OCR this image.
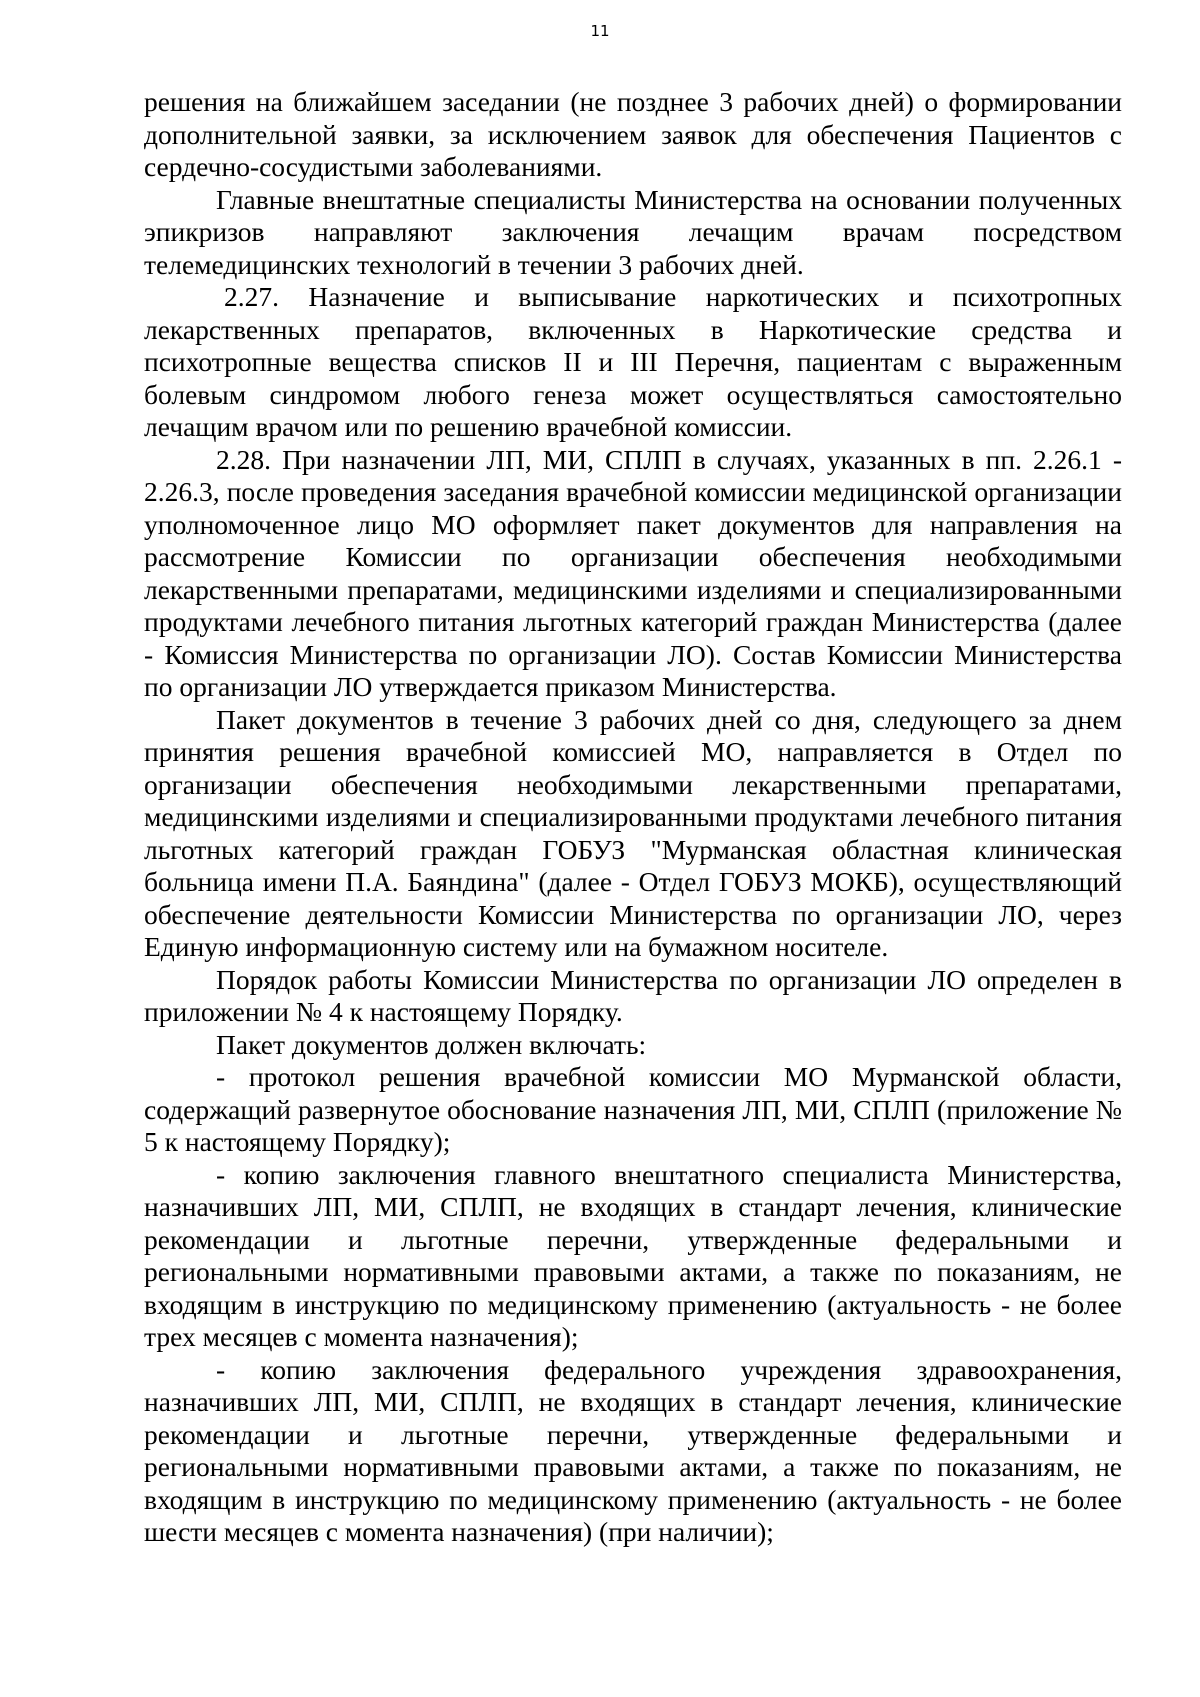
11

решения на ближайшем заседании (не позднее 3 рабочих дней) о формировании дополнительной заявки, за исключением заявок для обеспечения Пациентов с сердечно-сосудистыми заболеваниями.

Главные внештатные специалисты Министерства на основании полученных эпикризов направляют заключения лечащим врачам посредством телемедицинских технологий в течении 3 рабочих дней.

2.27. Назначение и выписывание наркотических и психотропных лекарственных препаратов, включенных в Наркотические средства и психотропные вещества списков II и III Перечня, пациентам с выраженным болевым синдромом любого генеза может осуществляться самостоятельно лечащим врачом или по решению врачебной комиссии.

2.28. При назначении ЛП, МИ, СПЛП в случаях, указанных в пп. 2.26.1 - 2.26.3, после проведения заседания врачебной комиссии медицинской организации уполномоченное лицо МО оформляет пакет документов для направления на рассмотрение Комиссии по организации обеспечения необходимыми лекарственными препаратами, медицинскими изделиями и специализированными продуктами лечебного питания льготных категорий граждан Министерства (далее - Комиссия Министерства по организации ЛО). Состав Комиссии Министерства по организации ЛО утверждается приказом Министерства.

Пакет документов в течение 3 рабочих дней со дня, следующего за днем принятия решения врачебной комиссией МО, направляется в Отдел по организации обеспечения необходимыми лекарственными препаратами, медицинскими изделиями и специализированными продуктами лечебного питания льготных категорий граждан ГОБУЗ "Мурманская областная клиническая больница имени П.А. Баяндина" (далее - Отдел ГОБУЗ МОКБ), осуществляющий обеспечение деятельности Комиссии Министерства по организации ЛО, через Единую информационную систему или на бумажном носителе.

Порядок работы Комиссии Министерства по организации ЛО определен в приложении № 4 к настоящему Порядку.

Пакет документов должен включать:

- протокол решения врачебной комиссии МО Мурманской области, содержащий развернутое обоснование назначения ЛП, МИ, СПЛП (приложение № 5 к настоящему Порядку);

- копию заключения главного внештатного специалиста Министерства, назначивших ЛП, МИ, СПЛП, не входящих в стандарт лечения, клинические рекомендации и льготные перечни, утвержденные федеральными и региональными нормативными правовыми актами, а также по показаниям, не входящим в инструкцию по медицинскому применению (актуальность - не более трех месяцев с момента назначения);

- копию заключения федерального учреждения здравоохранения, назначивших ЛП, МИ, СПЛП, не входящих в стандарт лечения, клинические рекомендации и льготные перечни, утвержденные федеральными и региональными нормативными правовыми актами, а также по показаниям, не входящим в инструкцию по медицинскому применению (актуальность - не более шести месяцев с момента назначения) (при наличии);
